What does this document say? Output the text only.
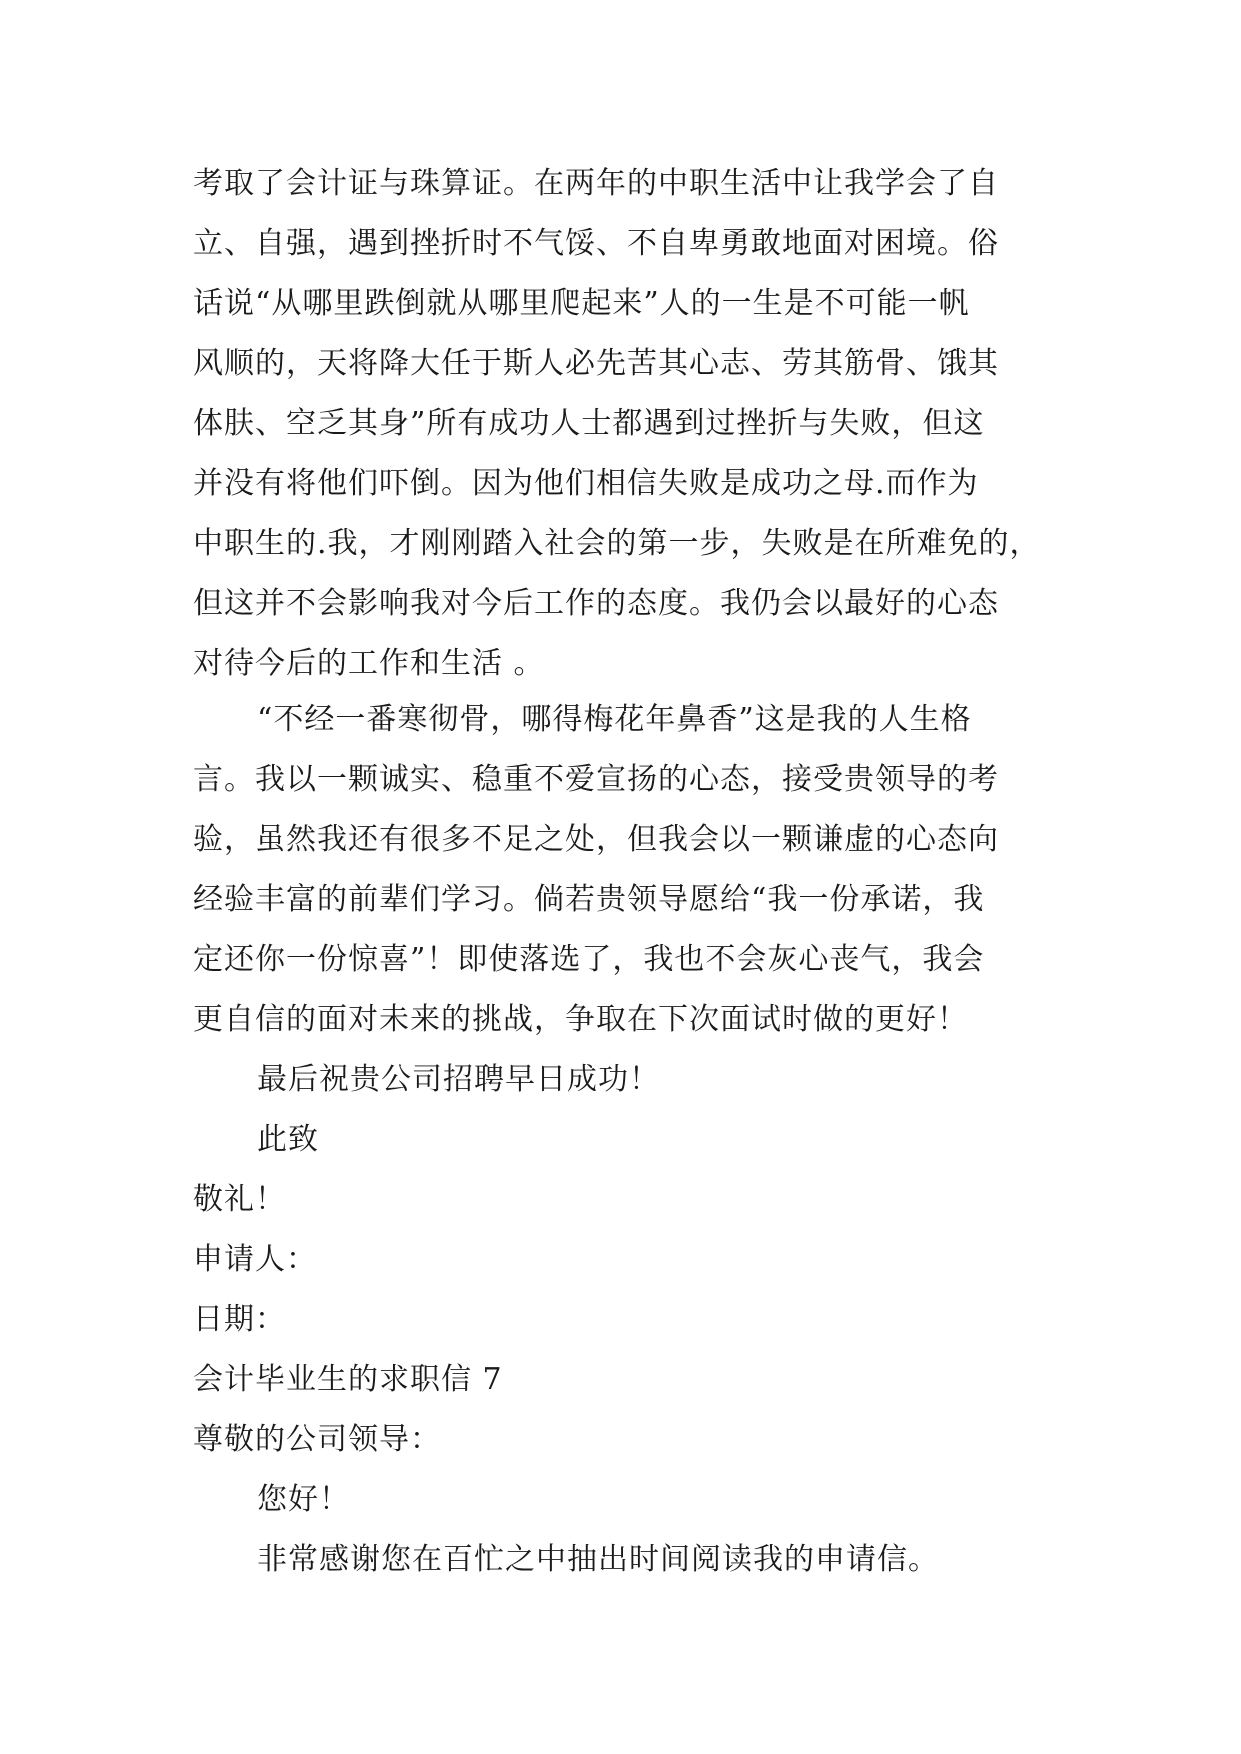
考取了会计证与珠算证。在两年的中职生活中让我学会了自
立、自强，遇到挫折时不气馁、不自卑勇敢地面对困境。俗
话说“从哪里跌倒就从哪里爬起来”人的一生是不可能一帆
风顺的，天将降大任于斯人必先苦其心志、劳其筋骨、饿其
体肤、空乏其身”所有成功人士都遇到过挫折与失败，但这
并没有将他们吓倒。因为他们相信失败是成功之母.而作为
中职生的.我，才刚刚踏入社会的第一步，失败是在所难免的，
但这并不会影响我对今后工作的态度。我仍会以最好的心态
对待今后的工作和生活 。
“不经一番寒彻骨，哪得梅花年鼻香”这是我的人生格
言。我以一颗诚实、稳重不爱宣扬的心态，接受贵领导的考
验，虽然我还有很多不足之处，但我会以一颗谦虚的心态向
经验丰富的前辈们学习。倘若贵领导愿给“我一份承诺，我
定还你一份惊喜”！即使落选了，我也不会灰心丧气，我会
更自信的面对未来的挑战，争取在下次面试时做的更好！
最后祝贵公司招聘早日成功！
此致
敬礼！
申请人：
日期：
会计毕业生的求职信 7
尊敬的公司领导：
您好！
非常感谢您在百忙之中抽出时间阅读我的申请信。
